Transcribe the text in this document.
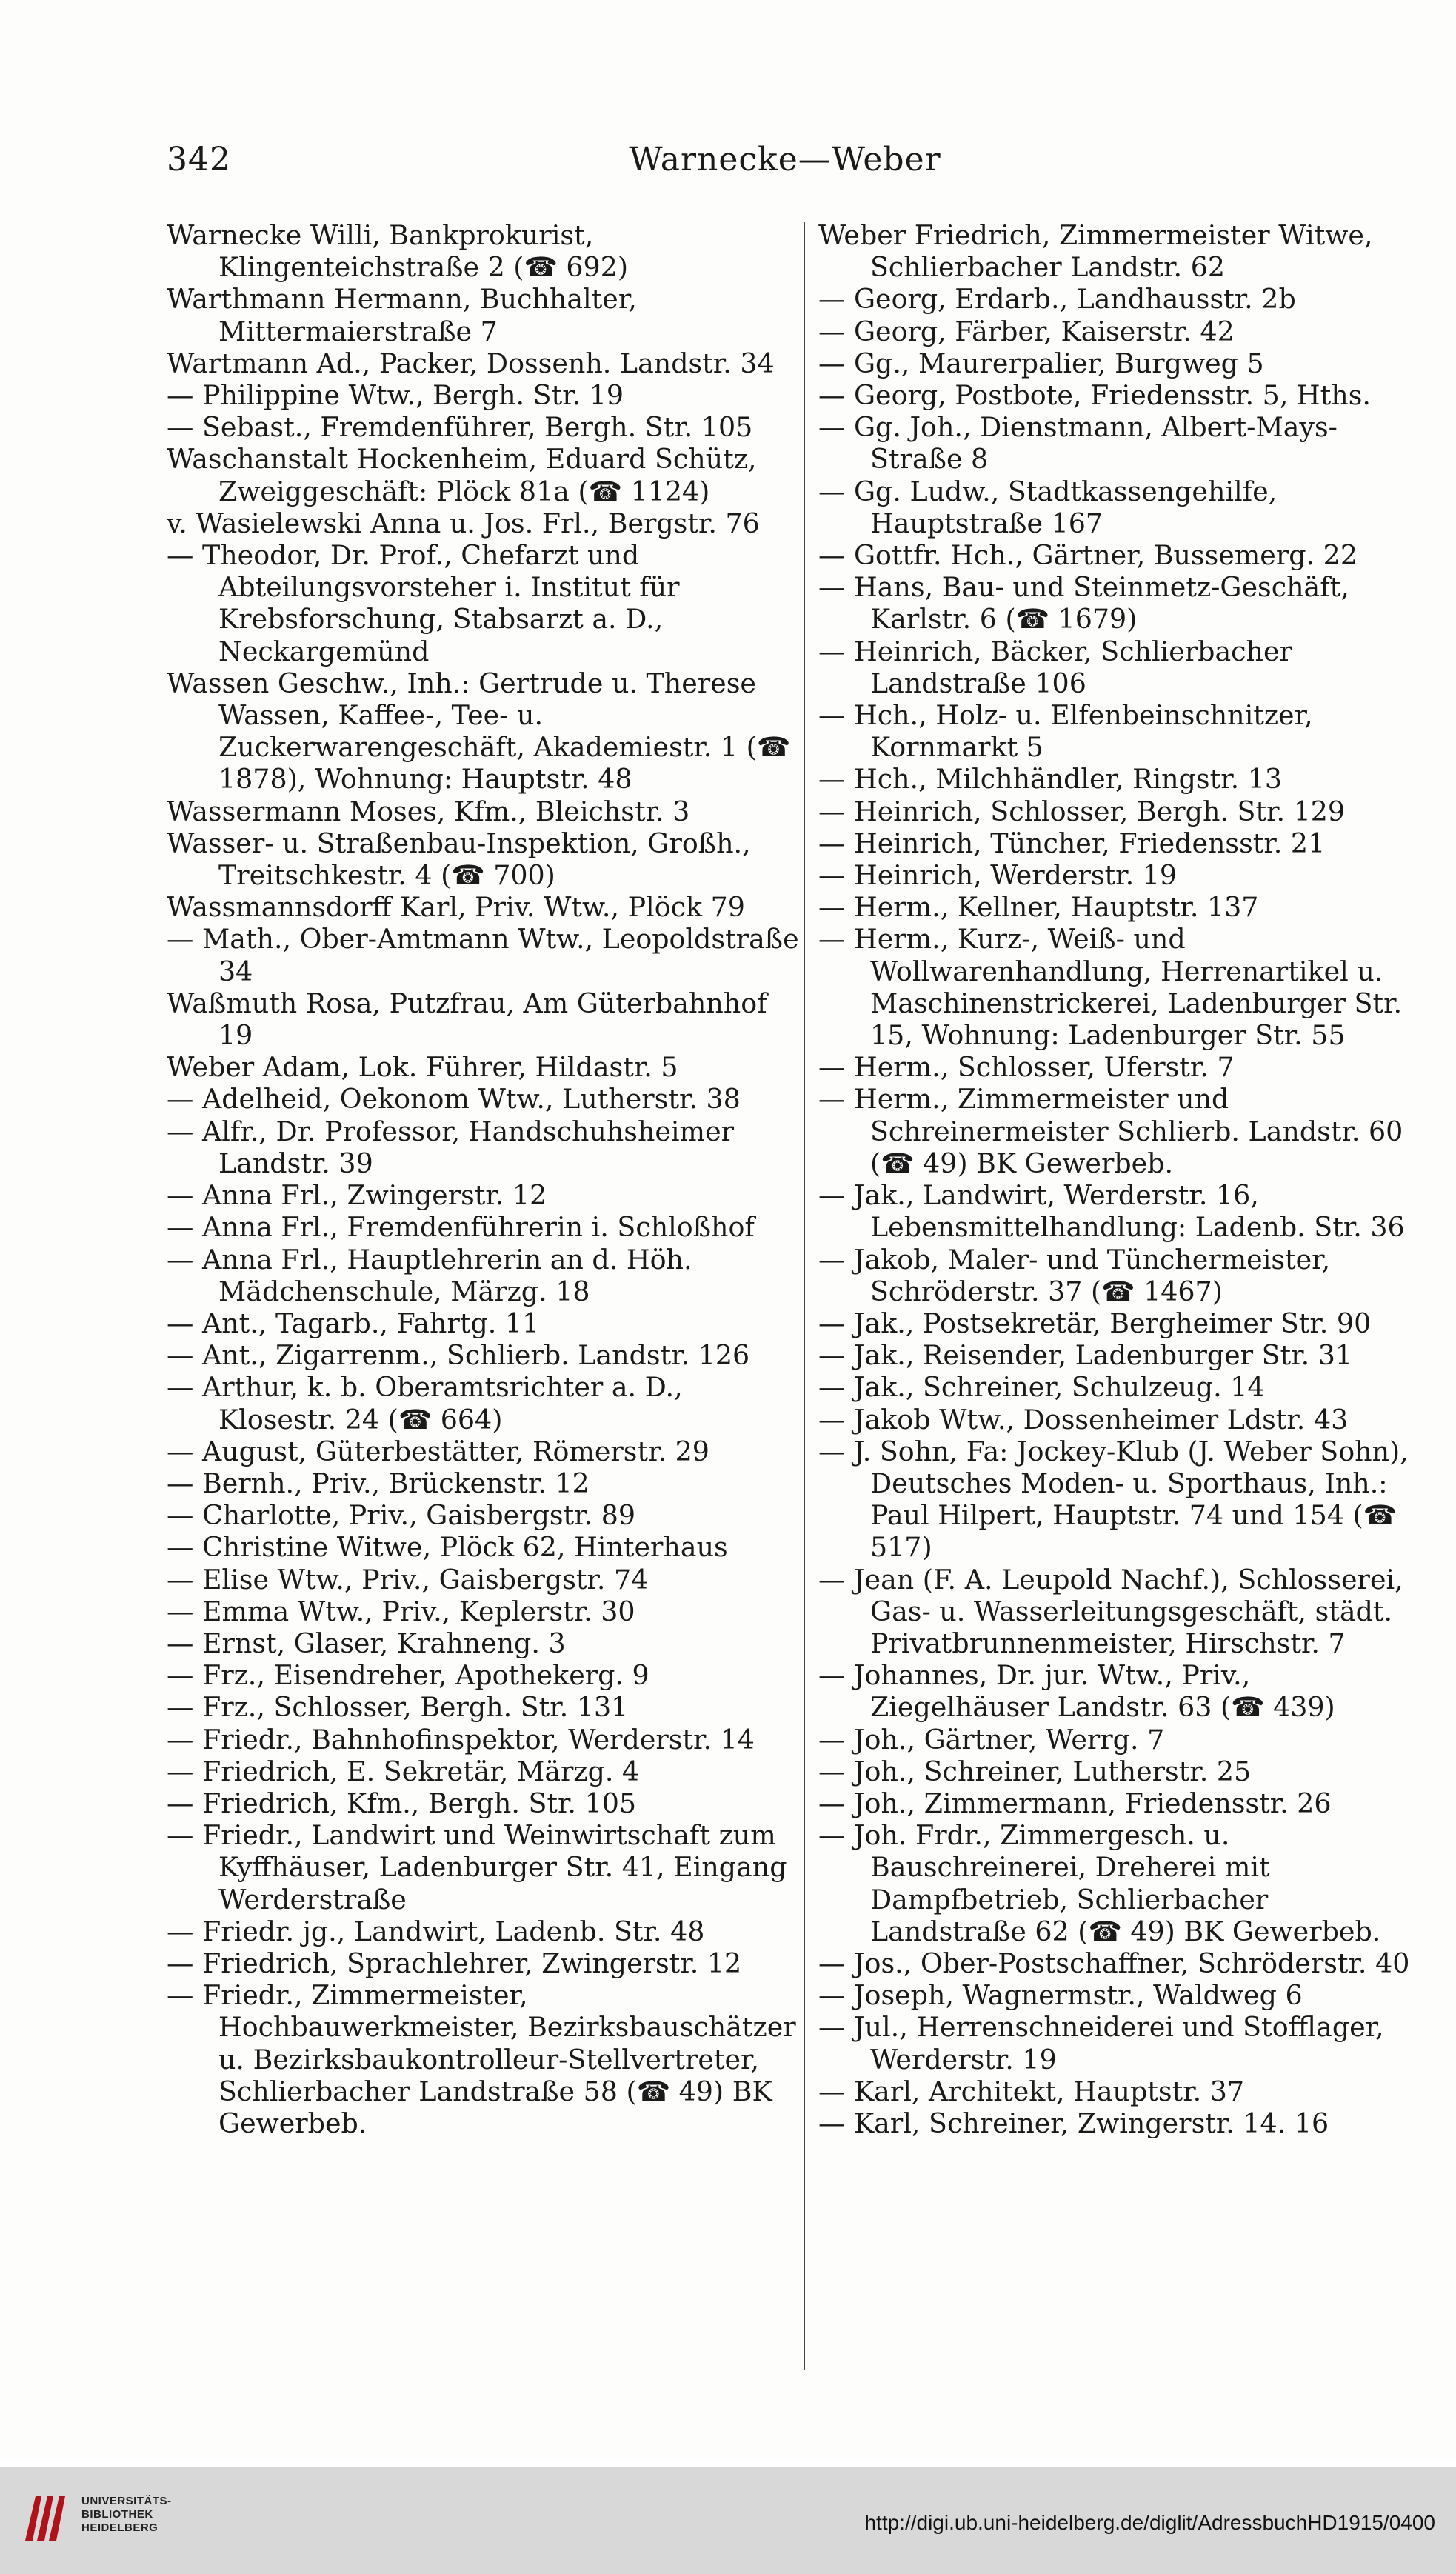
342	Warnecke—Weber

Warnecke Willi, Bankprokurist, Klingenteichstraße 2 (☎ 692)

Warthmann Hermann, Buchhalter, Mittermaierstraße 7

Wartmann Ad., Packer, Dossenh. Landstr. 34

— Philippine Wtw., Bergh. Str. 19

— Sebast., Fremdenführer, Bergh. Str. 105

Waschanstalt Hockenheim, Eduard Schütz, Zweiggeschäft: Plöck 81a (☎ 1124)

v. Wasielewski Anna u. Jos. Frl., Bergstr. 76

— Theodor, Dr. Prof., Chefarzt und Abteilungsvorsteher i. Institut für Krebsforschung, Stabsarzt a. D., Neckargemünd

Wassen Geschw., Inh.: Gertrude u. Therese Wassen, Kaffee-, Tee- u. Zuckerwarengeschäft, Akademiestr. 1 (☎ 1878), Wohnung: Hauptstr. 48

Wassermann Moses, Kfm., Bleichstr. 3

Wasser- u. Straßenbau-Inspektion, Großh., Treitschkestr. 4 (☎ 700)

Wassmannsdorff Karl, Priv. Wtw., Plöck 79

— Math., Ober-Amtmann Wtw., Leopoldstraße 34

Waßmuth Rosa, Putzfrau, Am Güterbahnhof 19

Weber Adam, Lok. Führer, Hildastr. 5

— Adelheid, Oekonom Wtw., Lutherstr. 38

— Alfr., Dr. Professor, Handschuhsheimer Landstr. 39

— Anna Frl., Zwingerstr. 12

— Anna Frl., Fremdenführerin i. Schloßhof

— Anna Frl., Hauptlehrerin an d. Höh. Mädchenschule, Märzg. 18

— Ant., Tagarb., Fahrtg. 11

— Ant., Zigarrenm., Schlierb. Landstr. 126

— Arthur, k. b. Oberamtsrichter a. D., Klosestr. 24 (☎ 664)

— August, Güterbestätter, Römerstr. 29

— Bernh., Priv., Brückenstr. 12

— Charlotte, Priv., Gaisbergstr. 89

— Christine Witwe, Plöck 62, Hinterhaus

— Elise Wtw., Priv., Gaisbergstr. 74

— Emma Wtw., Priv., Keplerstr. 30

— Ernst, Glaser, Krahneng. 3

— Frz., Eisendreher, Apothekerg. 9

— Frz., Schlosser, Bergh. Str. 131

— Friedr., Bahnhofinspektor, Werderstr. 14

— Friedrich, E. Sekretär, Märzg. 4

— Friedrich, Kfm., Bergh. Str. 105

— Friedr., Landwirt und Weinwirtschaft zum Kyffhäuser, Ladenburger Str. 41, Eingang Werderstraße

— Friedr. jg., Landwirt, Ladenb. Str. 48

— Friedrich, Sprachlehrer, Zwingerstr. 12

— Friedr., Zimmermeister, Hochbauwerkmeister, Bezirksbauschätzer u. Bezirksbaukontrolleur-Stellvertreter, Schlierbacher Landstraße 58 (☎ 49) BK Gewerbeb.

Weber Friedrich, Zimmermeister Witwe, Schlierbacher Landstr. 62

— Georg, Erdarb., Landhausstr. 2b

— Georg, Färber, Kaiserstr. 42

— Gg., Maurerpalier, Burgweg 5

— Georg, Postbote, Friedensstr. 5, Hths.

— Gg. Joh., Dienstmann, Albert-Mays-Straße 8

— Gg. Ludw., Stadtkassengehilfe, Hauptstraße 167

— Gottfr. Hch., Gärtner, Bussemerg. 22

— Hans, Bau- und Steinmetz-Geschäft, Karlstr. 6 (☎ 1679)

— Heinrich, Bäcker, Schlierbacher Landstraße 106

— Hch., Holz- u. Elfenbeinschnitzer, Kornmarkt 5

— Hch., Milchhändler, Ringstr. 13

— Heinrich, Schlosser, Bergh. Str. 129

— Heinrich, Tüncher, Friedensstr. 21

— Heinrich, Werderstr. 19

— Herm., Kellner, Hauptstr. 137

— Herm., Kurz-, Weiß- und Wollwarenhandlung, Herrenartikel u. Maschinenstrickerei, Ladenburger Str. 15, Wohnung: Ladenburger Str. 55

— Herm., Schlosser, Uferstr. 7

— Herm., Zimmermeister und Schreinermeister Schlierb. Landstr. 60 (☎ 49) BK Gewerbeb.

— Jak., Landwirt, Werderstr. 16, Lebensmittelhandlung: Ladenb. Str. 36

— Jakob, Maler- und Tünchermeister, Schröderstr. 37 (☎ 1467)

— Jak., Postsekretär, Bergheimer Str. 90

— Jak., Reisender, Ladenburger Str. 31

— Jak., Schreiner, Schulzeug. 14

— Jakob Wtw., Dossenheimer Ldstr. 43

— J. Sohn, Fa: Jockey-Klub (J. Weber Sohn), Deutsches Moden- u. Sporthaus, Inh.: Paul Hilpert, Hauptstr. 74 und 154 (☎ 517)

— Jean (F. A. Leupold Nachf.), Schlosserei, Gas- u. Wasserleitungsgeschäft, städt. Privatbrunnenmeister, Hirschstr. 7

— Johannes, Dr. jur. Wtw., Priv., Ziegelhäuser Landstr. 63 (☎ 439)

— Joh., Gärtner, Werrg. 7

— Joh., Schreiner, Lutherstr. 25

— Joh., Zimmermann, Friedensstr. 26

— Joh. Frdr., Zimmergesch. u. Bauschreinerei, Dreherei mit Dampfbetrieb, Schlierbacher Landstraße 62 (☎ 49) BK Gewerbeb.

— Jos., Ober-Postschaffner, Schröderstr. 40

— Joseph, Wagnermstr., Waldweg 6

— Jul., Herrenschneiderei und Stofflager, Werderstr. 19

— Karl, Architekt, Hauptstr. 37

— Karl, Schreiner, Zwingerstr. 14. 16

UNIVERSITÄTS-
BIBLIOTHEK
HEIDELBERG	http://digi.ub.uni-heidelberg.de/diglit/AdressbuchHD1915/0400
